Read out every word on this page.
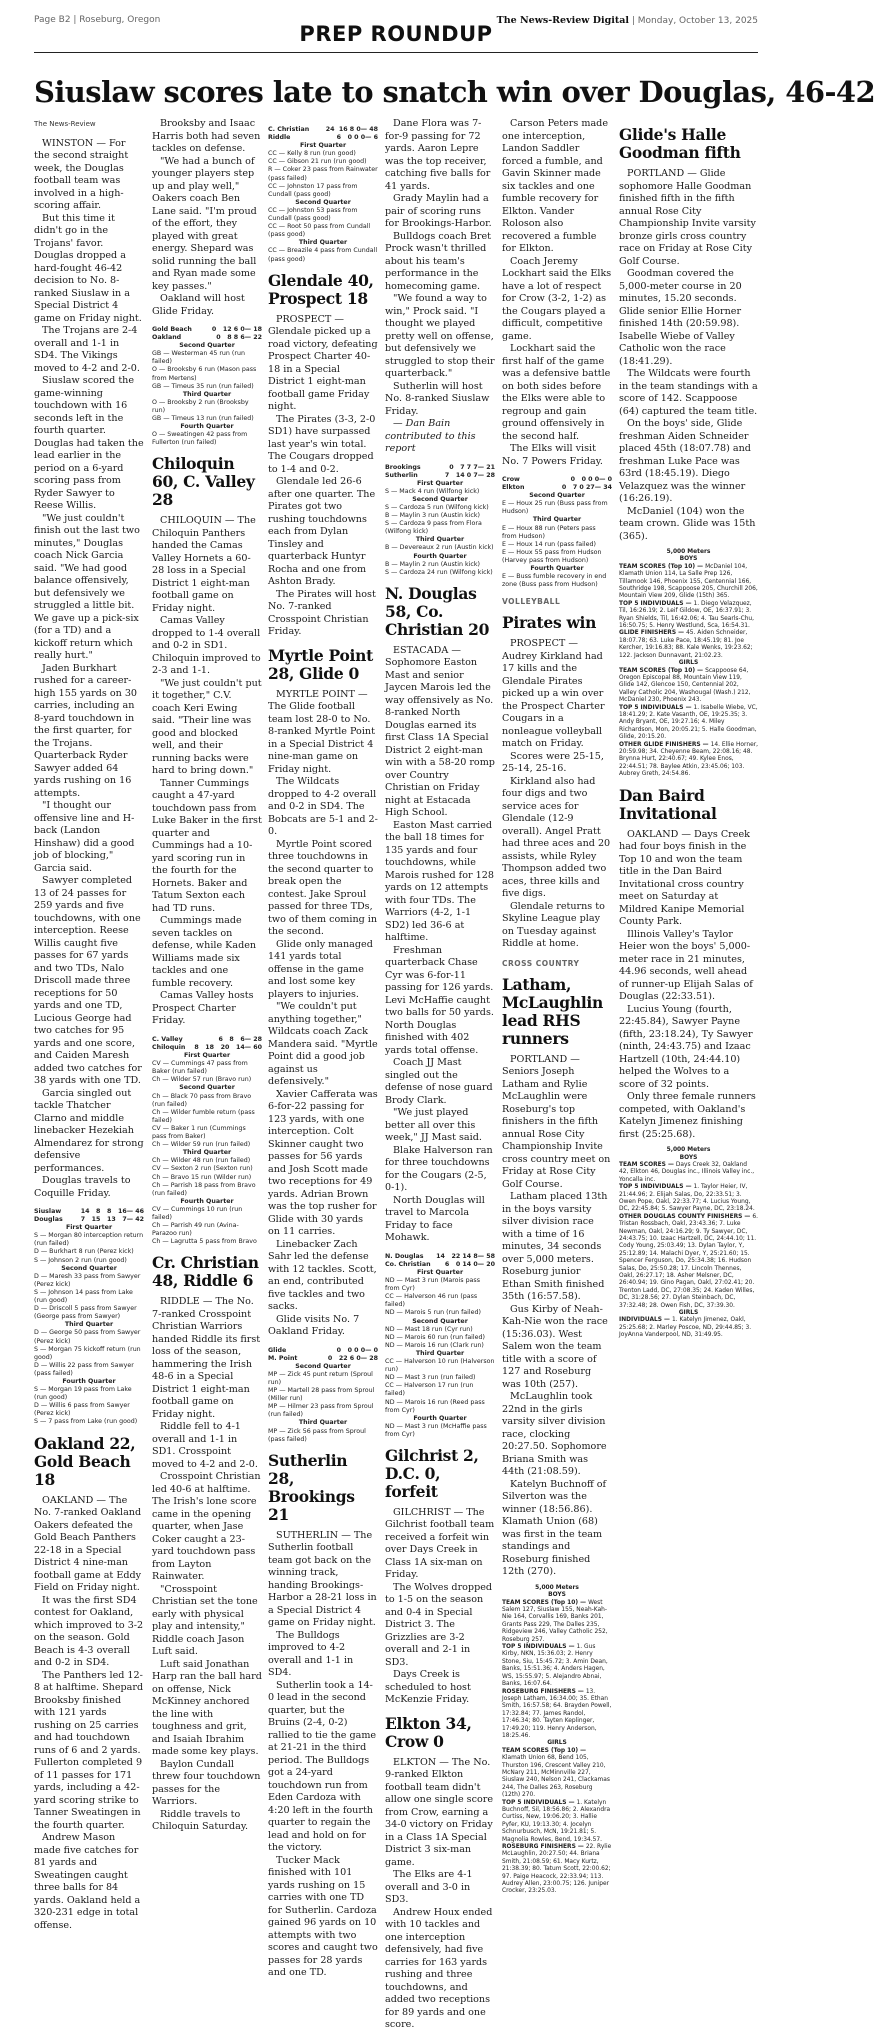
Page B2 | Roseburg, Oregon	The News-Review Digital | Monday, October 13, 2025
PREP ROUNDUP
Siuslaw scores late to snatch win over Douglas, 46-42

The News-Review

WINSTON — For the second straight week, the Douglas football team was involved in a high-scoring affair.

But this time it didn't go in the Trojans' favor. Douglas dropped a hard-fought 46-42 decision to No. 8-ranked Siuslaw in a Special District 4 game on Friday night.

The Trojans are 2-4 overall and 1-1 in SD4. The Vikings moved to 4-2 and 2-0.

Siuslaw scored the game-winning touchdown with 16 seconds left in the fourth quarter. Douglas had taken the lead earlier in the period on a 6-yard scoring pass from Ryder Sawyer to Reese Willis.

"We just couldn't finish out the last two minutes," Douglas coach Nick Garcia said. "We had good balance offensively, but defensively we struggled a little bit. We gave up a pick-six (for a TD) and a kickoff return which really hurt."

Jaden Burkhart rushed for a career-high 155 yards on 30 carries, including an 8-yard touchdown in the first quarter, for the Trojans. Quarterback Ryder Sawyer added 64 yards rushing on 16 attempts.

"I thought our offensive line and H-back (Landon Hinshaw) did a good job of blocking," Garcia said.

Sawyer completed 13 of 24 passes for 259 yards and five touchdowns, with one interception. Reese Willis caught five passes for 67 yards and two TDs, Nalo Driscoll made three receptions for 50 yards and one TD, Lucious George had two catches for 95 yards and one score, and Caiden Maresh added two catches for 38 yards with one TD.

Garcia singled out tackle Thatcher Clarno and middle linebacker Hezekiah Almendarez for strong defensive performances.

Douglas travels to Coquille Friday.

Siuslaw	14   8   8   16— 46
Douglas	7   15   13   7— 42
First Quarter
S — Morgan 80 interception return (run failed)
D — Burkhart 8 run (Perez kick)
S — Johnson 2 run (run good)
Second Quarter
D — Maresh 33 pass from Sawyer (Perez kick)
S — Johnson 14 pass from Lake (run good)
D — Driscoll 5 pass from Sawyer (George pass from Sawyer)
Third Quarter
D — George 50 pass from Sawyer (Perez kick)
S — Morgan 75 kickoff return (run good)
D — Willis 22 pass from Sawyer (pass failed)
Fourth Quarter
S — Morgan 19 pass from Lake (run good)
D — Willis 6 pass from Sawyer (Perez kick)
S — 7 pass from Lake (run good)
Oakland 22, Gold Beach 18

OAKLAND — The No. 7-ranked Oakland Oakers defeated the Gold Beach Panthers 22-18 in a Special District 4 nine-man football game at Eddy Field on Friday night.

It was the first SD4 contest for Oakland, which improved to 3-2 on the season. Gold Beach is 4-3 overall and 0-2 in SD4.

The Panthers led 12-8 at halftime. Shepard Brooksby finished with 121 yards rushing on 25 carries and had touchdown runs of 6 and 2 yards. Fullerton completed 9 of 11 passes for 171 yards, including a 42-yard scoring strike to Tanner Sweatingen in the fourth quarter.

Andrew Mason made five catches for 81 yards and Sweatingen caught three balls for 84 yards. Oakland held a 320-231 edge in total offense.

Brooksby and Isaac Harris both had seven tackles on defense.

"We had a bunch of younger players step up and play well," Oakers coach Ben Lane said. "I'm proud of the effort, they played with great energy. Shepard was solid running the ball and Ryan made some key passes."

Oakland will host Glide Friday.

Gold Beach	0   12 6 0— 18
Oakland	0   8 8 6— 22
Second Quarter
GB — Westerman 45 run (run failed)
O — Brooksby 6 run (Mason pass from Mertens)
GB — Timeus 35 run (run failed)
Third Quarter
O — Brooksby 2 run (Brooksby run)
GB — Timeus 13 run (run failed)
Fourth Quarter
O — Sweatingen 42 pass from Fullerton (run failed)
Chiloquin 60, C. Valley 28

CHILOQUIN — The Chiloquin Panthers handed the Camas Valley Hornets a 60-28 loss in a Special District 1 eight-man football game on Friday night.

Camas Valley dropped to 1-4 overall and 0-2 in SD1. Chiloquin improved to 2-3 and 1-1.

"We just couldn't put it together," C.V. coach Keri Ewing said. "Their line was good and blocked well, and their running backs were hard to bring down."

Tanner Cummings caught a 47-yard touchdown pass from Luke Baker in the first quarter and Cummings had a 10-yard scoring run in the fourth for the Hornets. Baker and Tatum Sexton each had TD runs.

Cummings made seven tackles on defense, while Kaden Williams made six tackles and one fumble recovery.

Camas Valley hosts Prospect Charter Friday.

C. Valley	6   8   6— 28
Chiloquin	8   18   20   14— 60
First Quarter
CV — Cummings 47 pass from Baker (run failed)
Ch — Wilder 57 run (Bravo run)
Second Quarter
Ch — Black 70 pass from Bravo (run failed)
Ch — Wilder fumble return (pass failed)
CV — Baker 1 run (Cummings pass from Baker)
Ch — Wilder 59 run (run failed)
Third Quarter
Ch — Wilder 48 run (run failed)
CV — Sexton 2 run (Sexton run)
Ch — Bravo 15 run (Wilder run)
Ch — Parrish 18 pass from Bravo (run failed)
Fourth Quarter
CV — Cummings 10 run (run failed)
Ch — Parrish 49 run (Avina-Parazoo run)
Ch — Lagrutta 5 pass from Bravo
Cr. Christian 48, Riddle 6

RIDDLE — The No. 7-ranked Crosspoint Christian Warriors handed Riddle its first loss of the season, hammering the Irish 48-6 in a Special District 1 eight-man football game on Friday night.

Riddle fell to 4-1 overall and 1-1 in SD1. Crosspoint moved to 4-2 and 2-0.

Crosspoint Christian led 40-6 at halftime. The Irish's lone score came in the opening quarter, when Jase Coker caught a 23-yard touchdown pass from Layton Rainwater.

"Crosspoint Christian set the tone early with physical play and intensity," Riddle coach Jason Luft said.

Luft said Jonathan Harp ran the ball hard on offense, Nick McKinney anchored the line with toughness and grit, and Isaiah Ibrahim made some key plays.

Baylon Cundall threw four touchdown passes for the Warriors.

Riddle travels to Chiloquin Saturday.

C. Christian	24  16 8 0— 48
Riddle	6   0 0 0— 6
First Quarter
CC — Kelly 8 run (run good)
CC — Gibson 21 run (run good)
R — Coker 23 pass from Rainwater (pass failed)
CC — Johnston 17 pass from Cundall (pass good)
Second Quarter
CC — Johnston 53 pass from Cundall (pass good)
CC — Root 50 pass from Cundall (pass good)
Third Quarter
CC — Breazile 4 pass from Cundall (pass good)
Glendale 40, Prospect 18

PROSPECT — Glendale picked up a road victory, defeating Prospect Charter 40-18 in a Special District 1 eight-man football game Friday night.

The Pirates (3-3, 2-0 SD1) have surpassed last year's win total. The Cougars dropped to 1-4 and 0-2.

Glendale led 26-6 after one quarter. The Pirates got two rushing touchdowns each from Dylan Tinsley and quarterback Huntyr Rocha and one from Ashton Brady.

The Pirates will host No. 7-ranked Crosspoint Christian Friday.

Myrtle Point 28, Glide 0

MYRTLE POINT — The Glide football team lost 28-0 to No. 8-ranked Myrtle Point in a Special District 4 nine-man game on Friday night.

The Wildcats dropped to 4-2 overall and 0-2 in SD4. The Bobcats are 5-1 and 2-0.

Myrtle Point scored three touchdowns in the second quarter to break open the contest. Jake Sproul passed for three TDs, two of them coming in the second.

Glide only managed 141 yards total offense in the game and lost some key players to injuries.

"We couldn't put anything together," Wildcats coach Zack Mandera said. "Myrtle Point did a good job against us defensively."

Xavier Cafferata was 6-for-22 passing for 123 yards, with one interception. Colt Skinner caught two passes for 56 yards and Josh Scott made two receptions for 49 yards. Adrian Brown was the top rusher for Glide with 30 yards on 11 carries.

Linebacker Zach Sahr led the defense with 12 tackles. Scott, an end, contributed five tackles and two sacks.

Glide visits No. 7 Oakland Friday.

Glide	0   0 0 0— 0
M. Point	0   22 6 0— 28
Second Quarter
MP — Zick 45 punt return (Sproul run)
MP — Martell 28 pass from Sproul (Miller run)
MP — Hilmer 23 pass from Sproul (run failed)
Third Quarter
MP — Zick 56 pass from Sproul (pass failed)
Sutherlin 28, Brookings 21

SUTHERLIN — The Sutherlin football team got back on the winning track, handing Brookings-Harbor a 28-21 loss in a Special District 4 game on Friday night.

The Bulldogs improved to 4-2 overall and 1-1 in SD4.

Sutherlin took a 14-0 lead in the second quarter, but the Bruins (2-4, 0-2) rallied to tie the game at 21-21 in the third period. The Bulldogs got a 24-yard touchdown run from Eden Cardoza with 4:20 left in the fourth quarter to regain the lead and hold on for the victory.

Tucker Mack finished with 101 yards rushing on 15 carries with one TD for Sutherlin. Cardoza gained 96 yards on 10 attempts with two scores and caught two passes for 28 yards and one TD.

Dane Flora was 7-for-9 passing for 72 yards. Aaron Lepre was the top receiver, catching five balls for 41 yards.

Grady Maylin had a pair of scoring runs for Brookings-Harbor.

Bulldogs coach Bret Prock wasn't thrilled about his team's performance in the homecoming game.

"We found a way to win," Prock said. "I thought we played pretty well on offense, but defensively we struggled to stop their quarterback."

Sutherlin will host No. 8-ranked Siuslaw Friday.

— Dan Bain contributed to this report

Brookings	0   7 7 7— 21
Sutherlin	7   14 0 7— 28
First Quarter
S — Mack 4 run (Wilfong kick)
Second Quarter
S — Cardoza 5 run (Wilfong kick)
B — Maylin 3 run (Austin kick)
S — Cardoza 9 pass from Flora (Wilfong kick)
Third Quarter
B — Devereaux 2 run (Austin kick)
Fourth Quarter
B — Maylin 2 run (Austin kick)
S — Cardoza 24 run (Wilfong kick)
N. Douglas 58, Co. Christian 20

ESTACADA — Sophomore Easton Mast and senior Jaycen Marois led the way offensively as No. 8-ranked North Douglas earned its first Class 1A Special District 2 eight-man win with a 58-20 romp over Country Christian on Friday night at Estacada High School.

Easton Mast carried the ball 18 times for 135 yards and four touchdowns, while Marois rushed for 128 yards on 12 attempts with four TDs. The Warriors (4-2, 1-1 SD2) led 36-6 at halftime.

Freshman quarterback Chase Cyr was 6-for-11 passing for 126 yards. Levi McHaffie caught two balls for 50 yards. North Douglas finished with 402 yards total offense.

Coach JJ Mast singled out the defense of nose guard Brody Clark.

"We just played better all over this week," JJ Mast said.

Blake Halverson ran for three touchdowns for the Cougars (2-5, 0-1).

North Douglas will travel to Marcola Friday to face Mohawk.

N. Douglas	14   22 14 8— 58
Co. Christian	6   0 14 0— 20
First Quarter
ND — Mast 3 run (Marois pass from Cyr)
CC — Halverson 46 run (pass failed)
ND — Marois 5 run (run failed)
Second Quarter
ND — Mast 18 run (Cyr run)
ND — Marois 60 run (run failed)
ND — Marois 16 run (Clark run)
Third Quarter
CC — Halverson 10 run (Halverson run)
ND — Mast 3 run (run failed)
CC — Halverson 17 run (run failed)
ND — Marois 16 run (Reed pass from Cyr)
Fourth Quarter
ND — Mast 3 run (McHaffie pass from Cyr)
Gilchrist 2, D.C. 0, forfeit

GILCHRIST — The Gilchrist football team received a forfeit win over Days Creek in Class 1A six-man on Friday.

The Wolves dropped to 1-5 on the season and 0-4 in Special District 3. The Grizzlies are 3-2 overall and 2-1 in SD3.

Days Creek is scheduled to host McKenzie Friday.

Elkton 34, Crow 0

ELKTON — The No. 9-ranked Elkton football team didn't allow one single score from Crow, earning a 34-0 victory on Friday in a Class 1A Special District 3 six-man game.

The Elks are 4-1 overall and 3-0 in SD3.

Andrew Houx ended with 10 tackles and one interception defensively, had five carries for 163 yards rushing and three touchdowns, and added two receptions for 89 yards and one score.

Carson Peters made one interception, Landon Saddler forced a fumble, and Gavin Skinner made six tackles and one fumble recovery for Elkton. Vander Roloson also recovered a fumble for Elkton.

Coach Jeremy Lockhart said the Elks have a lot of respect for Crow (3-2, 1-2) as the Cougars played a difficult, competitive game.

Lockhart said the first half of the game was a defensive battle on both sides before the Elks were able to regroup and gain ground offensively in the second half.

The Elks will visit No. 7 Powers Friday.

Crow	0   0 0 0— 0
Elkton	0   7 0 27— 34
Second Quarter
E — Houx 25 run (Buss pass from Hudson)
Third Quarter
E — Houx 88 run (Peters pass from Hudson)
E — Houx 14 run (pass failed)
E — Houx 55 pass from Hudson (Harvey pass from Hudson)
Fourth Quarter
E — Buss fumble recovery in end zone (Buss pass from Hudson)
VOLLEYBALL
Pirates win

PROSPECT — Audrey Kirkland had 17 kills and the Glendale Pirates picked up a win over the Prospect Charter Cougars in a nonleague volleyball match on Friday.

Scores were 25-15, 25-14, 25-16.

Kirkland also had four digs and two service aces for Glendale (12-9 overall). Angel Pratt had three aces and 20 assists, while Ryley Thompson added two aces, three kills and five digs.

Glendale returns to Skyline League play on Tuesday against Riddle at home.

CROSS COUNTRY
Latham, McLaughlin lead RHS runners

PORTLAND — Seniors Joseph Latham and Rylie McLaughlin were Roseburg's top finishers in the fifth annual Rose City Championship Invite cross country meet on Friday at Rose City Golf Course.

Latham placed 13th in the boys varsity silver division race with a time of 16 minutes, 34 seconds over 5,000 meters. Roseburg junior Ethan Smith finished 35th (16:57.58).

Gus Kirby of Neah-Kah-Nie won the race (15:36.03). West Salem won the team title with a score of 127 and Roseburg was 10th (257).

McLaughlin took 22nd in the girls varsity silver division race, clocking 20:27.50. Sophomore Briana Smith was 44th (21:08.59).

Katelyn Buchnoff of Silverton was the winner (18:56.86). Klamath Union (68) was first in the team standings and Roseburg finished 12th (270).

5,000 Meters
BOYS
TEAM SCORES (Top 10) — West Salem 127, Siuslaw 155, Neah-Kah-Nie 164, Corvallis 169, Banks 201, Grants Pass 229, The Dalles 235, Ridgeview 246, Valley Catholic 252, Roseburg 257.
TOP 5 INDIVIDUALS — 1. Gus Kirby, NKN, 15:36.03; 2. Henry Stone, Siu, 15:45.72; 3. Amin Dean, Banks, 15:51.36; 4. Anders Hagen, WS, 15:55.97; 5. Alejandro Abnai, Banks, 16:07.64.
ROSEBURG FINISHERS — 13. Joseph Latham, 16:34.00; 35. Ethan Smith, 16:57.58; 64. Brayden Powell, 17:32.84; 77. James Randol, 17:46.34; 80. Tayten Keplinger, 17:49.20; 119. Henry Anderson, 18:25.46.
GIRLS
TEAM SCORES (Top 10) — Klamath Union 68, Bend 105, Thurston 196, Crescent Valley 210, McNary 211, McMinnville 227, Siuslaw 240, Nelson 241, Clackamas 244, The Dalles 263, Roseburg (12th) 270.
TOP 5 INDIVIDUALS — 1. Katelyn Buchnoff, Sil, 18:56.86; 2. Alexandra Curtiss, New, 19:06.20; 3. Hallie Pyfer, KU, 19:13.30; 4. Jocelyn Schnurbusch, McN, 19:21.81; 5. Magnolia Rowles, Bend, 19:34.57.
ROSEBURG FINISHERS — 22. Rylie McLaughlin, 20:27.50; 44. Briana Smith, 21:08.59; 61. Macy Kurtz, 21:38.39; 80. Tatum Scott, 22:00.62; 97. Paige Heacock, 22:33.94; 113. Audrey Allen, 23:00.75; 126. Juniper Crocker, 23:25.03.
Glide's Halle Goodman fifth

PORTLAND — Glide sophomore Halle Goodman finished fifth in the fifth annual Rose City Championship Invite varsity bronze girls cross country race on Friday at Rose City Golf Course.

Goodman covered the 5,000-meter course in 20 minutes, 15.20 seconds. Glide senior Ellie Horner finished 14th (20:59.98). Isabelle Wiebe of Valley Catholic won the race (18:41.29).

The Wildcats were fourth in the team standings with a score of 142. Scappoose (64) captured the team title.

On the boys' side, Glide freshman Aiden Schneider placed 45th (18:07.78) and freshman Luke Pace was 63rd (18:45.19). Diego Velazquez was the winner (16:26.19).

McDaniel (104) won the team crown. Glide was 15th (365).

5,000 Meters
BOYS
TEAM SCORES (Top 10) — McDaniel 104, Klamath Union 114, La Salle Prep 126, Tillamook 146, Phoenix 155, Centennial 166, Southridge 198, Scappoose 205, Churchill 206, Mountain View 209, Glide (15th) 365.
TOP 5 INDIVIDUALS — 1. Diego Velazquez, Til, 16:26.19; 2. Leif Gildow, OE, 16:37.91; 3. Ryan Shields, Til, 16:42.06; 4. Tau Searls-Chu, 16:50.75; 5. Henry Westlund, Sca, 16:54.31.
GLIDE FINISHERS — 45. Aiden Schneider, 18:07.78; 63. Luke Pace, 18:45.19; 81. Joe Kercher, 19:16.83; 88. Kale Wenks, 19:23.62; 122. Jackson Dunnavant, 21:02.23.
GIRLS
TEAM SCORES (Top 10) — Scappoose 64, Oregon Episcopal 88, Mountain View 119, Glide 142, Glencoe 150, Centennial 202, Valley Catholic 204, Washougal (Wash.) 212, McDaniel 230, Phoenix 243.
TOP 5 INDIVIDUALS — 1. Isabelle Wiebe, VC, 18:41.29; 2. Kate Vasanth, OE, 19:25.35; 3. Andy Bryant, OE, 19:27.16; 4. Miley Richardson, Mon, 20:05.21; 5. Halle Goodman, Glide, 20:15.20.
OTHER GLIDE FINISHERS — 14. Ellie Horner, 20:59.98; 34. Cheyenne Beam, 22:08.16; 48. Brynna Hurt, 22:40.67; 49. Kylee Enos, 22:44.51; 78. Baylee Atkin, 23:45.06; 103. Aubrey Greth, 24:54.86.
Dan Baird Invitational

OAKLAND — Days Creek had four boys finish in the Top 10 and won the team title in the Dan Baird Invitational cross country meet on Saturday at Mildred Kanipe Memorial County Park.

Illinois Valley's Taylor Heier won the boys' 5,000-meter race in 21 minutes, 44.96 seconds, well ahead of runner-up Elijah Salas of Douglas (22:33.51).

Lucius Young (fourth, 22:45.84), Sawyer Payne (fifth, 23:18.24), Ty Sawyer (ninth, 24:43.75) and Izaac Hartzell (10th, 24:44.10) helped the Wolves to a score of 32 points.

Only three female runners competed, with Oakland's Katelyn Jimenez finishing first (25:25.68).

5,000 Meters
BOYS
TEAM SCORES — Days Creek 32, Oakland 42, Elkton 46, Douglas inc., Illinois Valley inc., Yoncalla inc.
TOP 5 INDIVIDUALS — 1. Taylor Heier, IV, 21:44.96; 2. Elijah Salas, Do, 22:33.51; 3. Owen Pope, Oakl, 22:33.77; 4. Lucius Young, DC, 22:45.84; 5. Sawyer Payne, DC, 23:18.24.
OTHER DOUGLAS COUNTY FINISHERS — 6. Tristan Rossbach, Oakl, 23:43.36; 7. Luke Newman, Oakl, 24:16.29; 9. Ty Sawyer, DC, 24:43.75; 10. Izaac Hartzell, DC, 24:44.10; 11. Cody Young, 25:03.49; 13. Dylan Taylor, Y, 25:12.89; 14. Malachi Dyer, Y, 25:21.60; 15. Spencer Ferguson, Do, 25:34.38; 16. Hudson Salas, Do, 25:50.28; 17. Lincoln Thennes, Oakl, 26:27.17; 18. Asher Melsner, DC, 26:40.94; 19. Gino Pagan, Oakl, 27:02.41; 20. Trenton Ladd, DC, 27:08.35; 24. Kaden Willes, DC, 31:28.56; 27. Dylan Steinbach, DC, 37:32.48; 28. Owen Fish, DC, 37:39.30.
GIRLS
INDIVIDUALS — 1. Katelyn Jimenez, Oakl, 25:25.68; 2. Marley Poscoe, ND, 29:44.85; 3. JoyAnna Vanderpool, ND, 31:49.95.
